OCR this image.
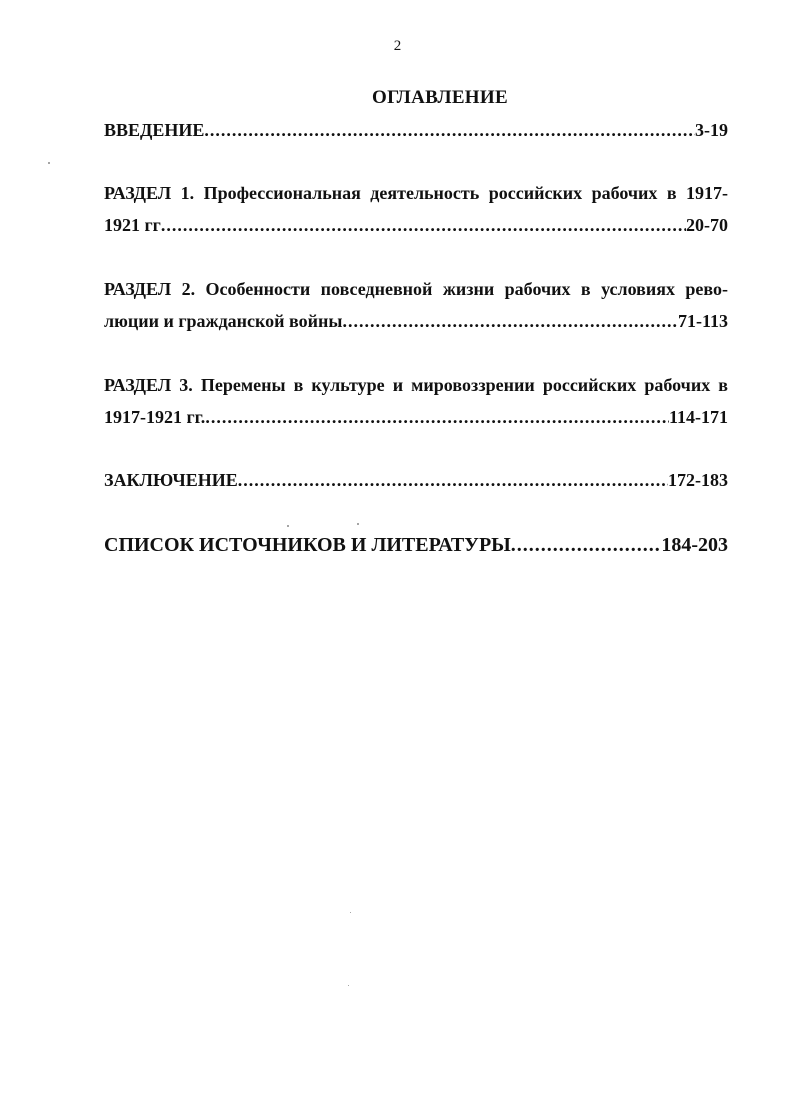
2
ОГЛАВЛЕНИЕ
ВВЕДЕНИЕ .....	3-19
РАЗДЕЛ 1. Профессиональная деятельность российских рабочих в 1917-
1921 гг .....	20-70
РАЗДЕЛ 2. Особенности повседневной жизни рабочих в условиях рево-
люции и гражданской войны .....	71-113
РАЗДЕЛ 3. Перемены в культуре и мировоззрении российских рабочих в
1917-1921 гг. .....	114-171
ЗАКЛЮЧЕНИЕ .....	172-183
СПИСОК ИСТОЧНИКОВ И ЛИТЕРАТУРЫ .....	184-203
